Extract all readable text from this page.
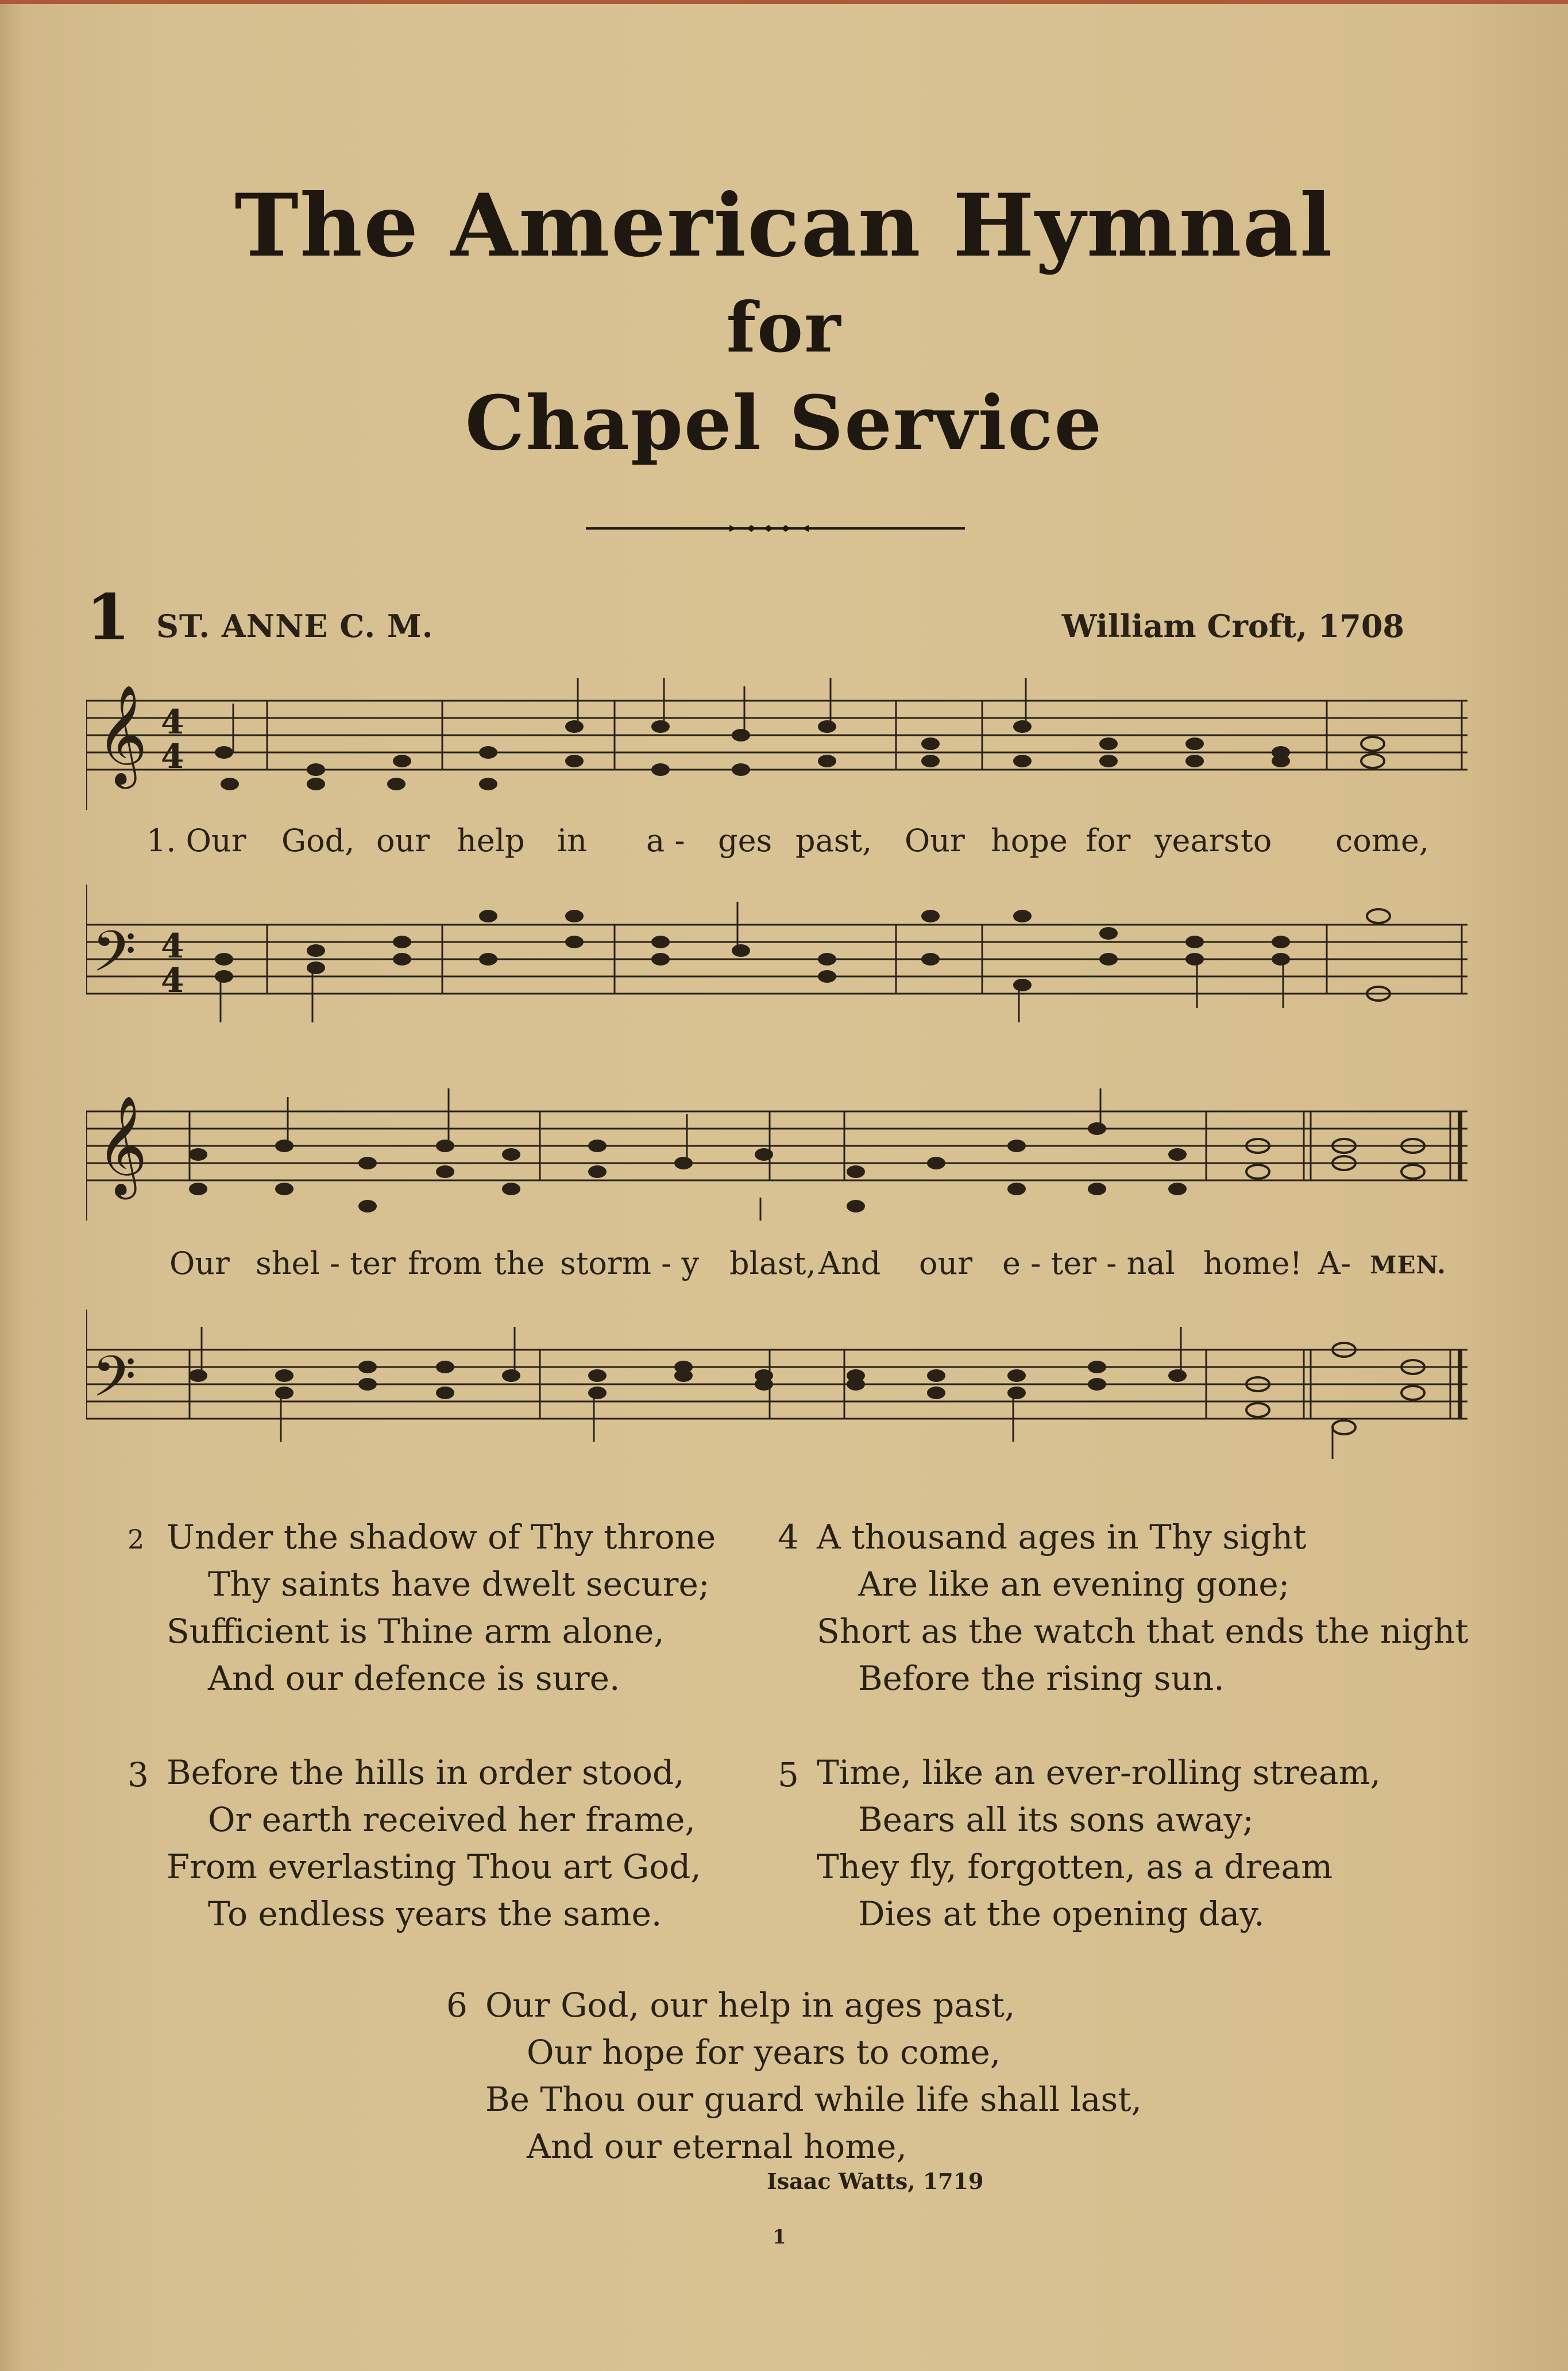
The American Hymnal
for
Chapel Service
1 ST. ANNE C. M.	William Croft, 1708
𝄞 4
4
1. Our God, our help in a - ges past, Our hope for years to come,
𝄢 4
4
𝄞
Our shel - ter from the storm - y blast, And our e - ter - nal home! A- MEN.
𝄢
2 Under the shadow of Thy throne
Thy saints have dwelt secure;
Sufficient is Thine arm alone,
And our defence is sure.
3 Before the hills in order stood,
Or earth received her frame,
From everlasting Thou art God,
To endless years the same.
4 A thousand ages in Thy sight
Are like an evening gone;
Short as the watch that ends the night
Before the rising sun.
5 Time, like an ever-rolling stream,
Bears all its sons away;
They fly, forgotten, as a dream
Dies at the opening day.
6 Our God, our help in ages past,
Our hope for years to come,
Be Thou our guard while life shall last,
And our eternal home,
Isaac Watts, 1719
1
